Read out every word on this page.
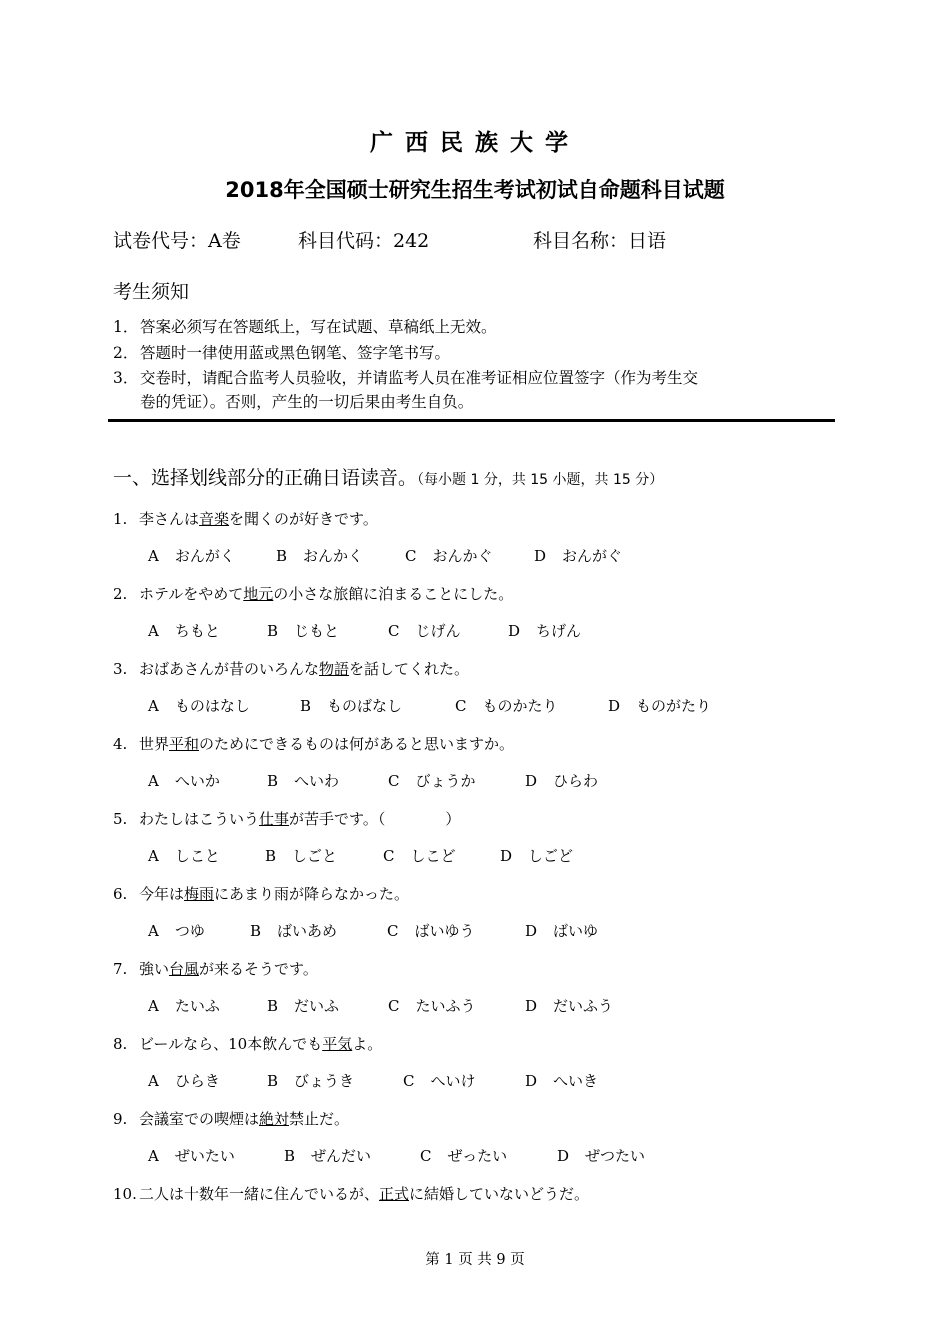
广西民族大学
2018年全国硕士研究生招生考试初试自命题科目试题
试卷代号：A卷	科目代码：242	科目名称：日语
考生须知
1． 答案必须写在答题纸上，写在试题、草稿纸上无效。
2． 答题时一律使用蓝或黑色钢笔、签字笔书写。
3． 交卷时，请配合监考人员验收，并请监考人员在准考证相应位置签字（作为考生交
卷的凭证）。否则，产生的一切后果由考生自负。
一、选择划线部分的正确日语读音。（每小题 1 分，共 15 小题，共 15 分）
1. 李さんは音楽を聞くのが好きです。
A おんがく	B おんかく	C おんかぐ	D おんがぐ
2. ホテルをやめて地元の小さな旅館に泊まることにした。
A ちもと	B じもと	C じげん	D ちげん
3. おばあさんが昔のいろんな物語を話してくれた。
A ものはなし	B ものばなし	C ものかたり	D ものがたり
4. 世界平和のためにできるものは何があると思いますか。
A へいか	B へいわ	C びょうか	D ひらわ
5. わたしはこういう仕事が苦手です。（　　　　）
A しこと	B しごと	C しこど	D しごど
6. 今年は梅雨にあまり雨が降らなかった。
A つゆ	B ばいあめ	C ばいゆう	D ばいゆ
7. 強い台風が来るそうです。
A たいふ	B だいふ	C たいふう	D だいふう
8. ビールなら、10本飲んでも平気よ。
A ひらき	B びょうき	C へいけ	D へいき
9. 会議室での喫煙は絶対禁止だ。
A ぜいたい	B ぜんだい	C ぜったい	D ぜつたい
10. 二人は十数年一緒に住んでいるが、正式に結婚していないどうだ。
第 1 页 共 9 页
